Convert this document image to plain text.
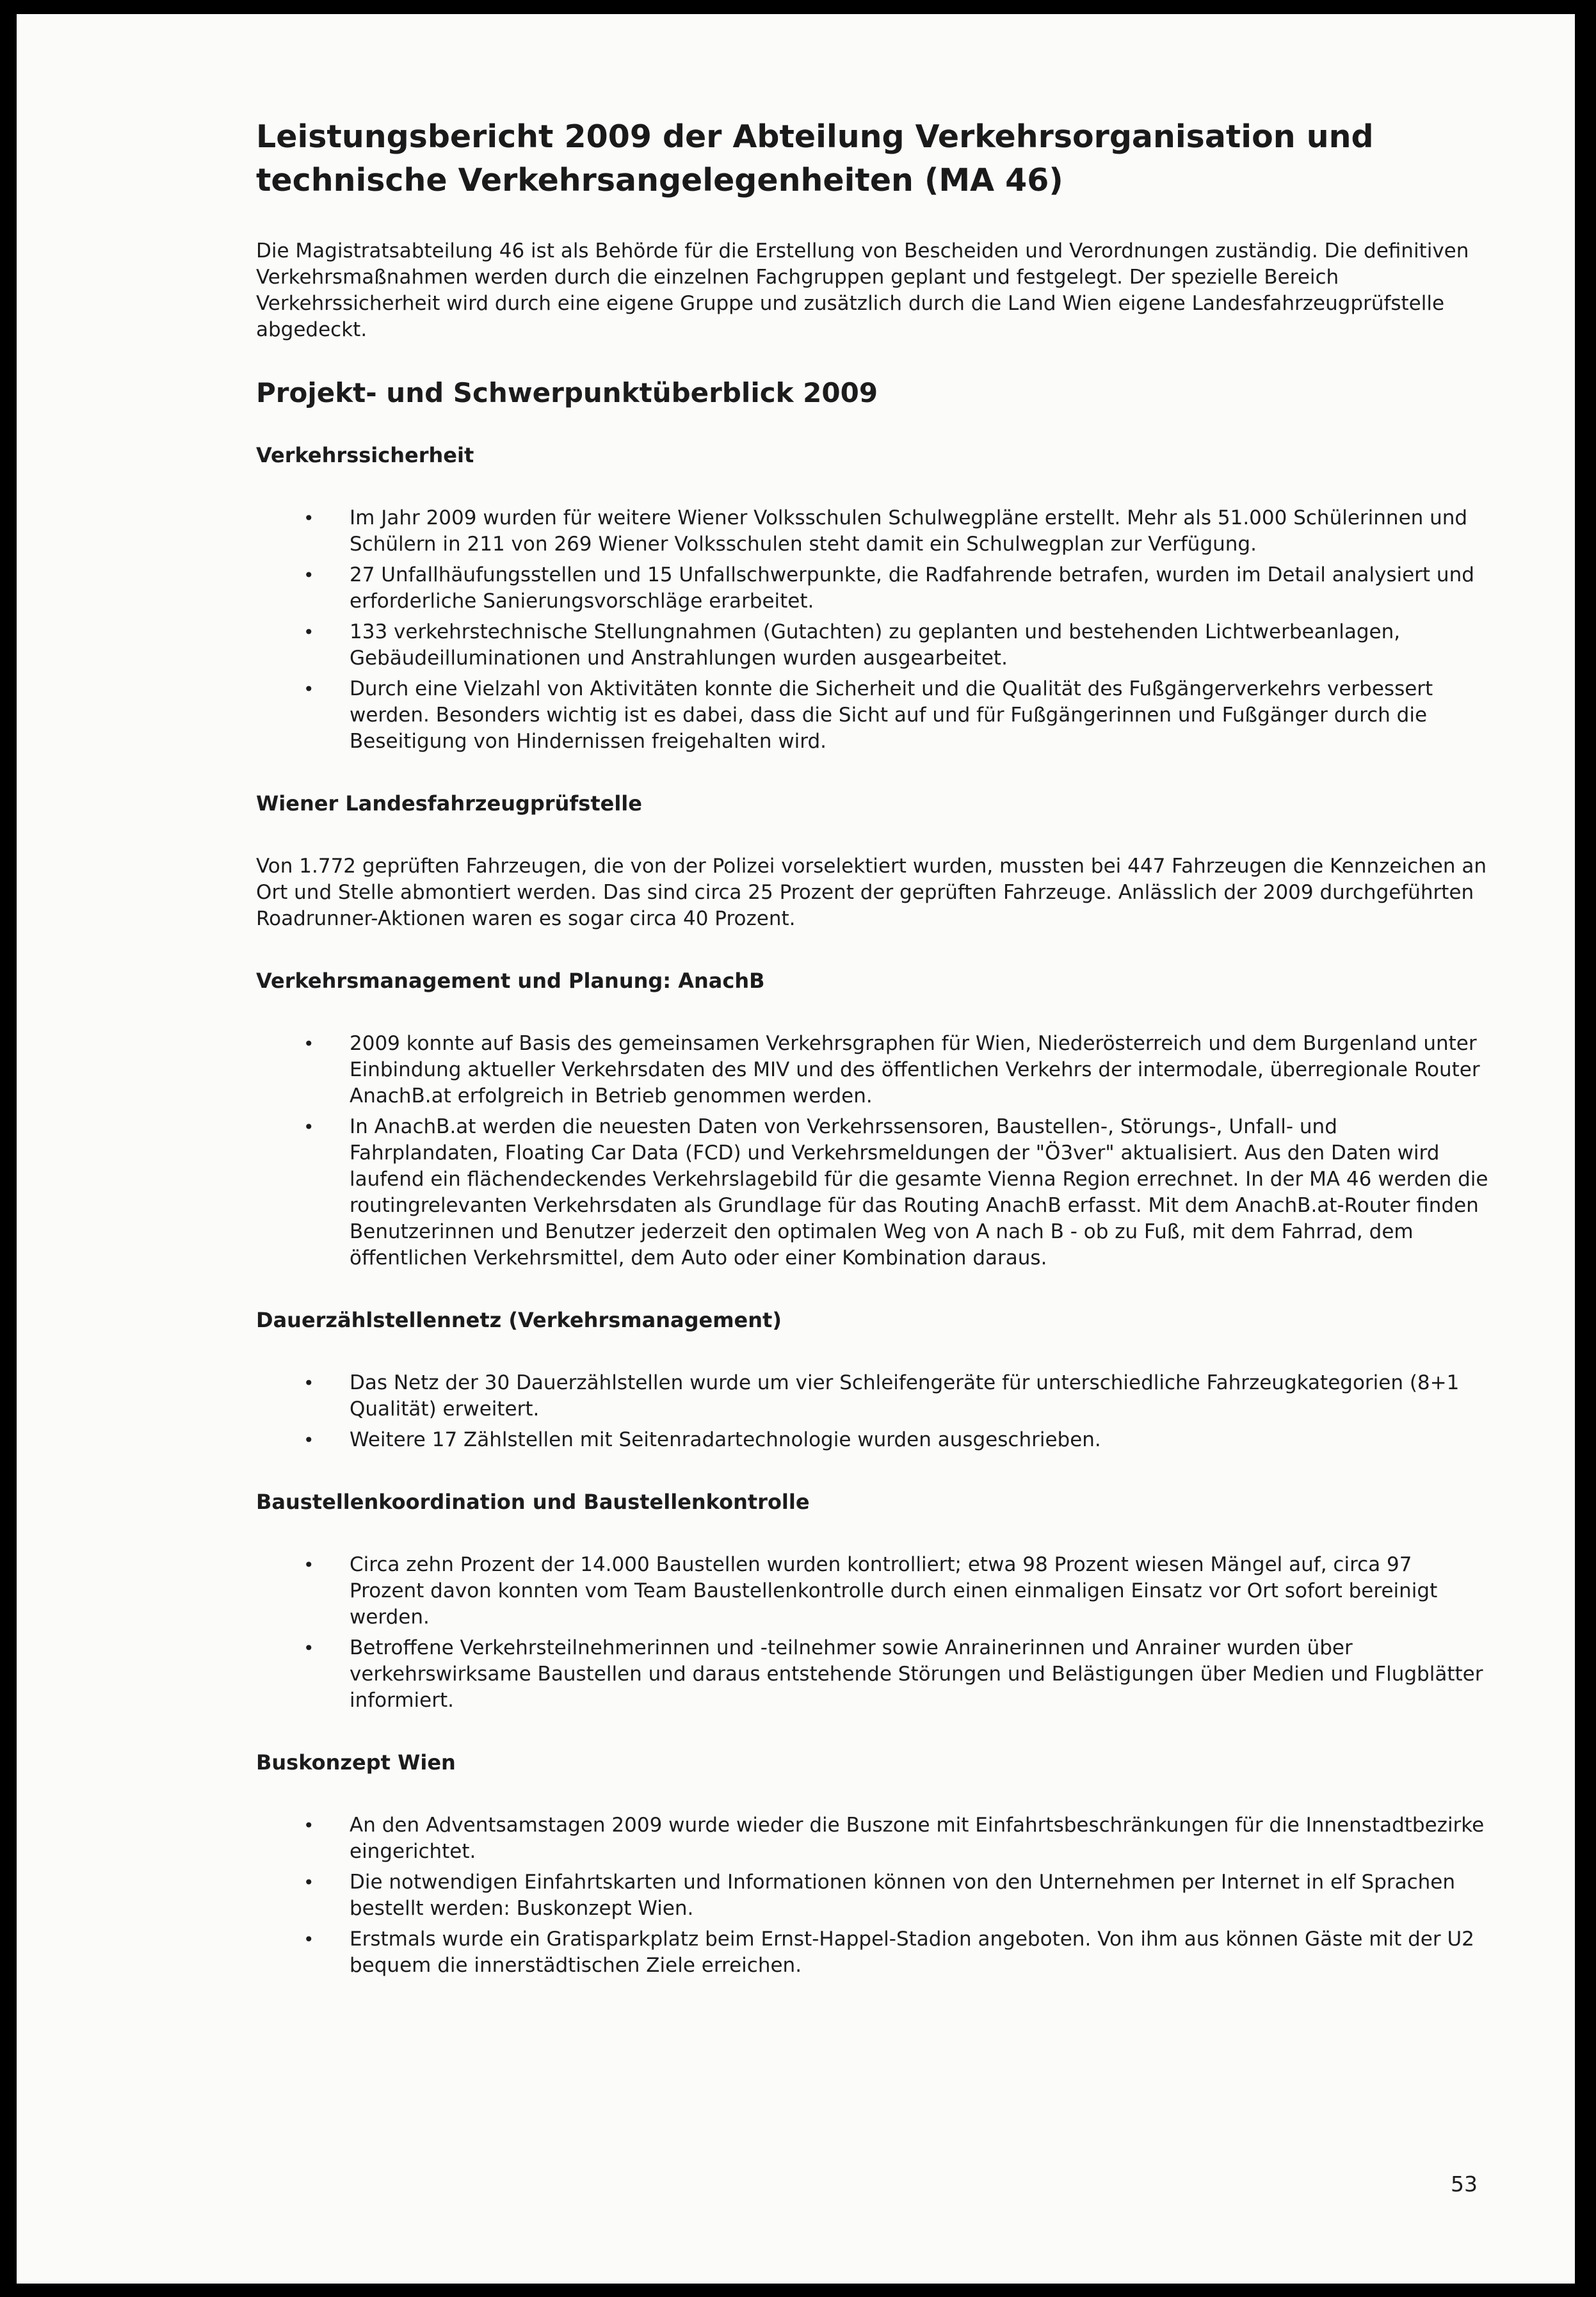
Leistungsbericht 2009 der Abteilung Verkehrsorganisation und technische Verkehrsangelegenheiten (MA 46)

Die Magistratsabteilung 46 ist als Behörde für die Erstellung von Bescheiden und Verordnungen zuständig. Die definitiven Verkehrsmaßnahmen werden durch die einzelnen Fachgruppen geplant und festgelegt. Der spezielle Bereich Verkehrssicherheit wird durch eine eigene Gruppe und zusätzlich durch die Land Wien eigene Landesfahrzeugprüfstelle abgedeckt.

Projekt- und Schwerpunktüberblick 2009
Verkehrssicherheit
• Im Jahr 2009 wurden für weitere Wiener Volksschulen Schulwegpläne erstellt. Mehr als 51.000 Schülerinnen und Schülern in 211 von 269 Wiener Volksschulen steht damit ein Schulwegplan zur Verfügung.
• 27 Unfallhäufungsstellen und 15 Unfallschwerpunkte, die Radfahrende betrafen, wurden im Detail analysiert und erforderliche Sanierungsvorschläge erarbeitet.
• 133 verkehrstechnische Stellungnahmen (Gutachten) zu geplanten und bestehenden Lichtwerbeanlagen, Gebäudeilluminationen und Anstrahlungen wurden ausgearbeitet.
• Durch eine Vielzahl von Aktivitäten konnte die Sicherheit und die Qualität des Fußgängerverkehrs verbessert werden. Besonders wichtig ist es dabei, dass die Sicht auf und für Fußgängerinnen und Fußgänger durch die Beseitigung von Hindernissen freigehalten wird.
Wiener Landesfahrzeugprüfstelle

Von 1.772 geprüften Fahrzeugen, die von der Polizei vorselektiert wurden, mussten bei 447 Fahrzeugen die Kennzeichen an Ort und Stelle abmontiert werden. Das sind circa 25 Prozent der geprüften Fahrzeuge. Anlässlich der 2009 durchgeführten Roadrunner-Aktionen waren es sogar circa 40 Prozent.

Verkehrsmanagement und Planung: AnachB
• 2009 konnte auf Basis des gemeinsamen Verkehrsgraphen für Wien, Niederösterreich und dem Burgenland unter Einbindung aktueller Verkehrsdaten des MIV und des öffentlichen Verkehrs der intermodale, überregionale Router AnachB.at erfolgreich in Betrieb genommen werden.
• In AnachB.at werden die neuesten Daten von Verkehrssensoren, Baustellen-, Störungs-, Unfall- und Fahrplandaten, Floating Car Data (FCD) und Verkehrsmeldungen der "Ö3ver" aktualisiert. Aus den Daten wird laufend ein flächendeckendes Verkehrslagebild für die gesamte Vienna Region errechnet. In der MA 46 werden die routingrelevanten Verkehrsdaten als Grundlage für das Routing AnachB erfasst. Mit dem AnachB.at-Router finden Benutzerinnen und Benutzer jederzeit den optimalen Weg von A nach B - ob zu Fuß, mit dem Fahrrad, dem öffentlichen Verkehrsmittel, dem Auto oder einer Kombination daraus.
Dauerzählstellennetz (Verkehrsmanagement)
• Das Netz der 30 Dauerzählstellen wurde um vier Schleifengeräte für unterschiedliche Fahrzeugkategorien (8+1 Qualität) erweitert.
• Weitere 17 Zählstellen mit Seitenradartechnologie wurden ausgeschrieben.
Baustellenkoordination und Baustellenkontrolle
• Circa zehn Prozent der 14.000 Baustellen wurden kontrolliert; etwa 98 Prozent wiesen Mängel auf, circa 97 Prozent davon konnten vom Team Baustellenkontrolle durch einen einmaligen Einsatz vor Ort sofort bereinigt werden.
• Betroffene Verkehrsteilnehmerinnen und -teilnehmer sowie Anrainerinnen und Anrainer wurden über verkehrswirksame Baustellen und daraus entstehende Störungen und Belästigungen über Medien und Flugblätter informiert.
Buskonzept Wien
• An den Adventsamstagen 2009 wurde wieder die Buszone mit Einfahrtsbeschränkungen für die Innenstadtbezirke eingerichtet.
• Die notwendigen Einfahrtskarten und Informationen können von den Unternehmen per Internet in elf Sprachen bestellt werden: Buskonzept Wien.
• Erstmals wurde ein Gratisparkplatz beim Ernst-Happel-Stadion angeboten. Von ihm aus können Gäste mit der U2 bequem die innerstädtischen Ziele erreichen.
53
